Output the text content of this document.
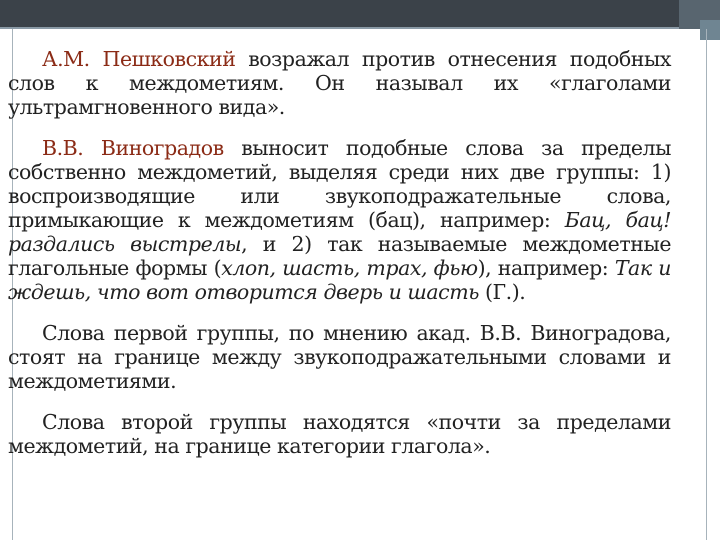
А.М. Пешковский возражал против отнесения подобных слов к междометиям. Он называл их «глаголами ультрамгновенного вида».

В.В. Виноградов выносит подобные слова за пределы собственно междометий, выделяя среди них две группы: 1) воспроизводящие или звукоподражательные слова, примыкающие к междометиям (бац), например: Бац, бац! раздались выстрелы, и 2) так называемые междометные глагольные формы (хлоп, шасть, трах, фью), например: Так и ждешь, что вот отворится дверь и шасть (Г.).

Слова первой группы, по мнению акад. В.В. Виноградова, стоят на границе между звукоподражательными словами и междометиями.

Слова второй группы находятся «почти за пределами междометий, на границе категории глагола».
